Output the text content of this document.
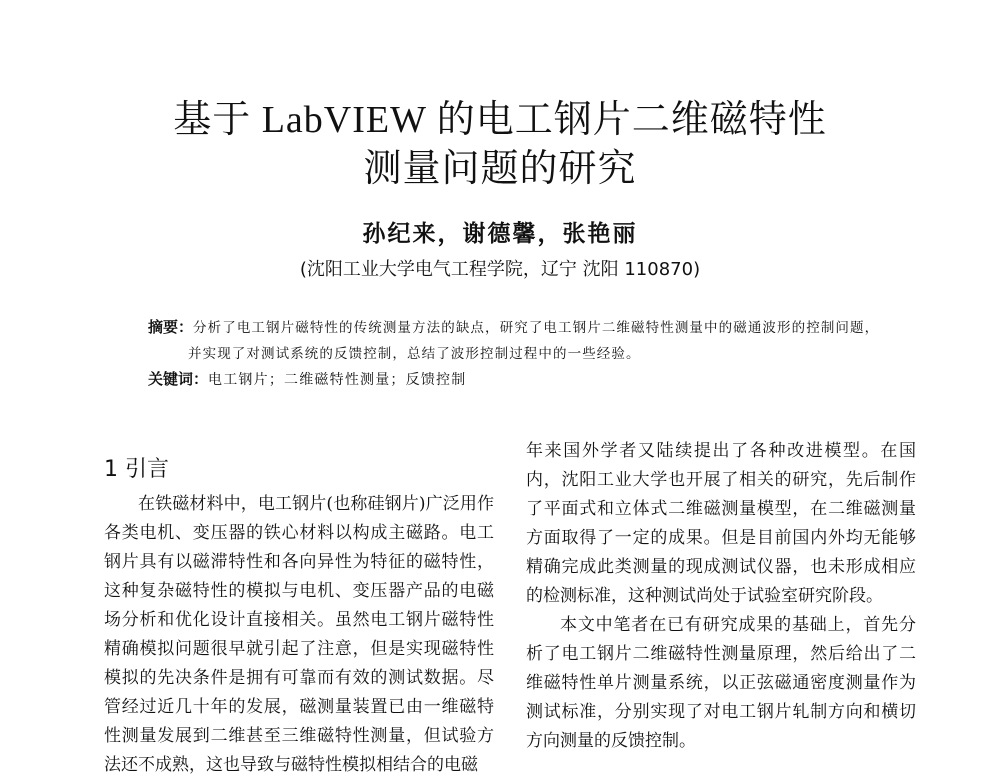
基于 LabVIEW 的电工钢片二维磁特性
测量问题的研究
孙纪来，谢德馨，张艳丽
(沈阳工业大学电气工程学院，辽宁 沈阳 110870)
摘要：分析了电工钢片磁特性的传统测量方法的缺点，研究了电工钢片二维磁特性测量中的磁通波形的控制问题，
并实现了对测试系统的反馈控制，总结了波形控制过程中的一些经验。
关键词：电工钢片；二维磁特性测量；反馈控制
1 引言

在铁磁材料中，电工钢片(也称硅钢片)广泛用作各类电机、变压器的铁心材料以构成主磁路。电工钢片具有以磁滞特性和各向异性为特征的磁特性，这种复杂磁特性的模拟与电机、变压器产品的电磁场分析和优化设计直接相关。虽然电工钢片磁特性精确模拟问题很早就引起了注意，但是实现磁特性模拟的先决条件是拥有可靠而有效的测试数据。尽管经过近几十年的发展，磁测量装置已由一维磁特性测量发展到二维甚至三维磁特性测量，但试验方法还不成熟，这也导致与磁特性模拟相结合的电磁

年来国外学者又陆续提出了各种改进模型。在国内，沈阳工业大学也开展了相关的研究，先后制作了平面式和立体式二维磁测量模型，在二维磁测量方面取得了一定的成果。但是目前国内外均无能够精确完成此类测量的现成测试仪器，也未形成相应的检测标准，这种测试尚处于试验室研究阶段。

本文中笔者在已有研究成果的基础上，首先分析了电工钢片二维磁特性测量原理，然后给出了二维磁特性单片测量系统，以正弦磁通密度测量作为测试标准，分别实现了对电工钢片轧制方向和横切方向测量的反馈控制。
